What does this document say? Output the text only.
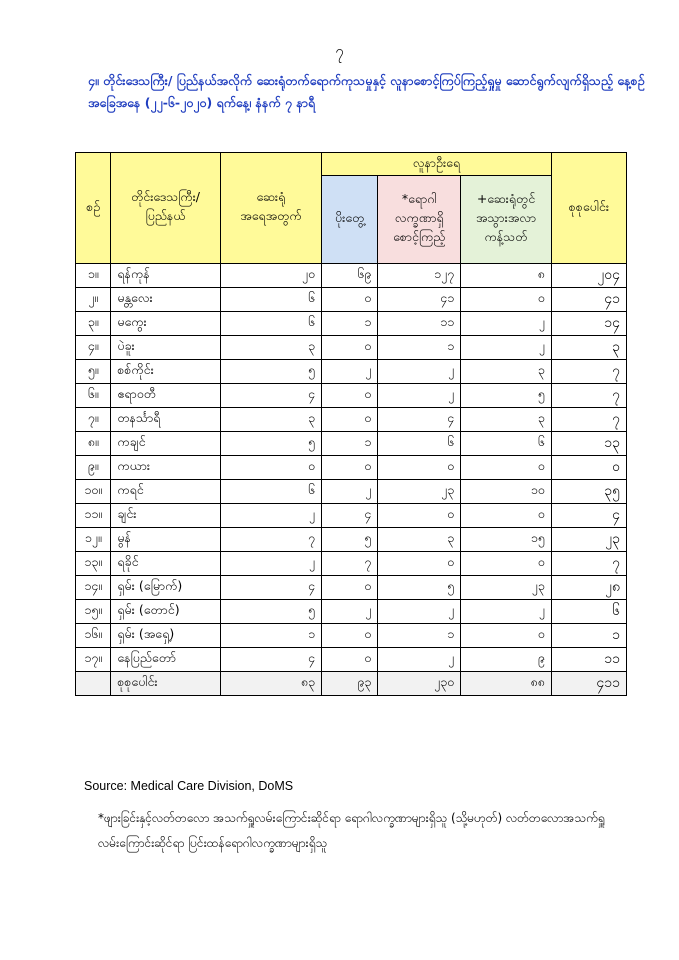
၇
၄။ တိုင်းဒေသကြီး/ ပြည်နယ်အလိုက် ဆေးရုံတက်ရောက်ကုသမှုနှင့် လူနာစောင့်ကြပ်ကြည့်ရှုမှု ဆောင်ရွက်လျက်ရှိသည့် နေ့စဉ်အခြေအနေ (၂၂-၆-၂၀၂၀) ရက်နေ့၊ နံနက် ၇ နာရီ
စဉ်	တိုင်းဒေသကြီး/ ပြည်နယ်	ဆေးရုံ အရေအတွက်	လူနာဦးရေ			စုစုပေါင်း
			ပိုးတွေ့	*ရောဂါ လက္ခဏာရှိ စောင့်ကြည့်	+ဆေးရုံတွင် အသွားအလာ ကန့်သတ်	
၁။	ရန်ကုန်	၂၀	၆၉	၁၂၇	၈	၂၀၄
၂။	မန္တလေး	၆	၀	၄၁	၀	၄၁
၃။	မကွေး	၆	၁	၁၁	၂	၁၄
၄။	ပဲခူး	၃	၀	၁	၂	၃
၅။	စစ်ကိုင်း	၅	၂	၂	၃	၇
၆။	ဧရာဝတီ	၄	၀	၂	၅	၇
၇။	တနင်္သာရီ	၃	၀	၄	၃	၇
၈။	ကချင်	၅	၁	၆	၆	၁၃
၉။	ကယား	၀	၀	၀	၀	၀
၁၀။	ကရင်	၆	၂	၂၃	၁၀	၃၅
၁၁။	ချင်း	၂	၄	၀	၀	၄
၁၂။	မွန်	၇	၅	၃	၁၅	၂၃
၁၃။	ရခိုင်	၂	၇	၀	၀	၇
၁၄။	ရှမ်း (မြောက်)	၄	၀	၅	၂၃	၂၈
၁၅။	ရှမ်း (တောင်)	၅	၂	၂	၂	၆
၁၆။	ရှမ်း (အရှေ့)	၁	၀	၁	၀	၁
၁၇။	နေပြည်တော်	၄	၀	၂	၉	၁၁
	စုစုပေါင်း	၈၃	၉၃	၂၃၀	၈၈	၄၁၁
Source: Medical Care Division, DoMS
*ဖျားခြင်းနှင့်လတ်တလော အသက်ရှူလမ်းကြောင်းဆိုင်ရာ ရောဂါလက္ခဏာများရှိသူ (သို့မဟုတ်) လတ်တလောအသက်ရှူလမ်းကြောင်းဆိုင်ရာ ပြင်းထန်ရောဂါလက္ခဏာများရှိသူ
